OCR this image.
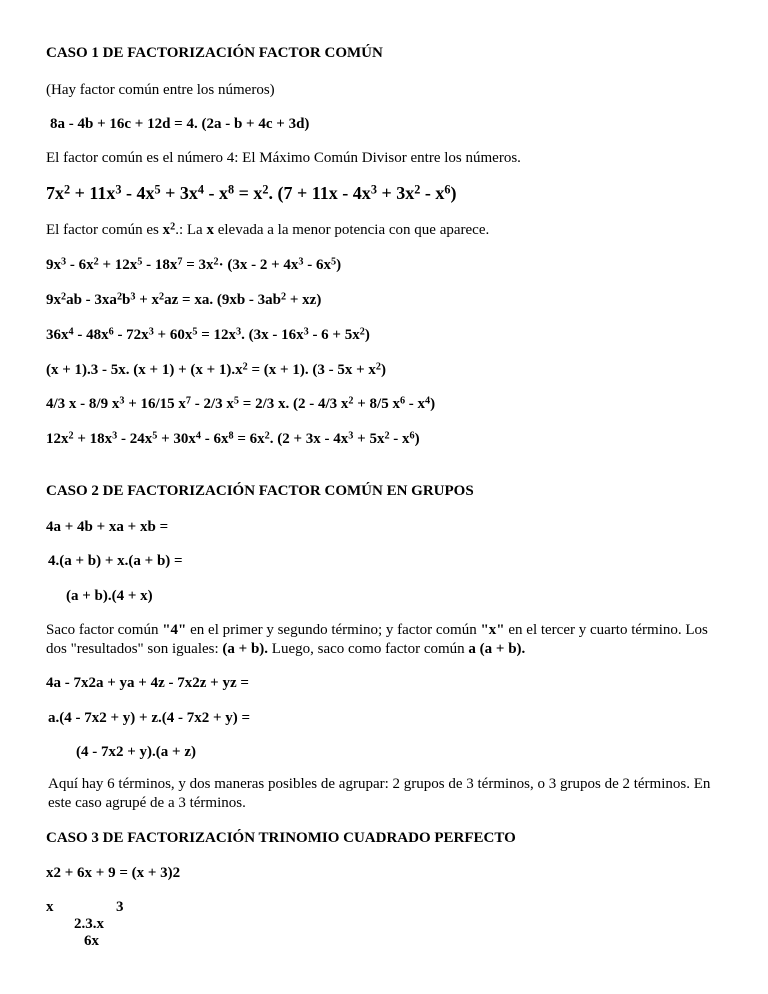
CASO 1 DE FACTORIZACIÓN FACTOR COMÚN
(Hay factor común entre los números)
8a - 4b + 16c + 12d = 4. (2a - b + 4c + 3d)
El factor común es el número 4: El Máximo Común Divisor entre los números.
$7x^2 + 11x^3 - 4x^5 + 3x^4 - x^8 = x^2$. $(7 + 11x - 4x^3 + 3x^2 - x^6)$
El factor común es $x^2$.: La x elevada a la menor potencia con que aparece.
$9x^3 - 6x^2 + 12x^5 - 18x^7 = 3x^2\cdot (3x - 2 + 4x^3 - 6x^5)$
$9x^2ab - 3xa^2b^3 + x^2az$ = xa. $(9xb - 3ab^2 + xz)$
$36x^4 - 48x^6 - 72x^3 + 60x^5 = 12x^3$. $(3x - 16x^3 - 6 + 5x^2)$
(x + 1).3 - 5x. $(x + 1) + (x + 1).x^2 = (x + 1)$. $(3 - 5x + x^2)$
4/3 x - 8/9 $x^3 + 16/15$ $x^7 - 2/3$ $x^5 = 2/3$ x. (2 - 4/3 $x^2 + 8/5$ $x^6 - x^4$)
$12x^2 + 18x^3 - 24x^5 + 30x^4 - 6x^8 = 6x^2$. $(2 + 3x - 4x^3 + 5x^2 - x^6)$
CASO 2 DE FACTORIZACIÓN FACTOR COMÚN EN GRUPOS
4a + 4b + xa + xb =
4.(a + b) + x.(a + b) =
(a + b).(4 + x)
Saco factor común "4" en el primer y segundo término; y factor común "x" en el tercer y cuarto término. Los dos "resultados" son iguales: (a + b). Luego, saco como factor común a (a + b).
4a - 7x2a + ya + 4z - 7x2z + yz =
a.(4 - 7x2 + y) + z.(4 - 7x2 + y) =
(4 - 7x2 + y).(a + z)
Aquí hay 6 términos, y dos maneras posibles de agrupar: 2 grupos de 3 términos, o 3 grupos de 2 términos. En este caso agrupé de a 3 términos.
CASO 3 DE FACTORIZACIÓN TRINOMIO CUADRADO PERFECTO
x2 + 6x + 9 = (x + 3)2
x	3
2.3.x
6x
